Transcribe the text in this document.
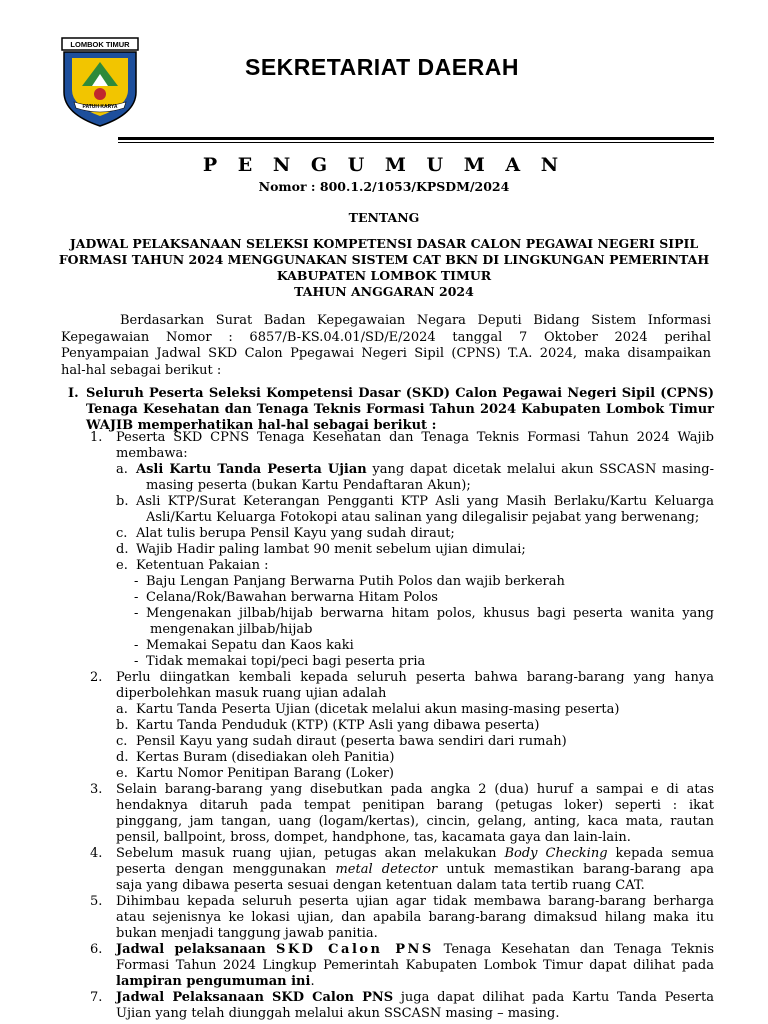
LOMBOK TIMUR
PATUH KARYA
SEKRETARIAT DAERAH
P E N G U M U M A N
Nomor : 800.1.2/1053/KPSDM/2024
TENTANG
JADWAL PELAKSANAAN SELEKSI KOMPETENSI DASAR CALON PEGAWAI NEGERI SIPIL
FORMASI TAHUN 2024 MENGGUNAKAN SISTEM CAT BKN DI LINGKUNGAN PEMERINTAH
KABUPATEN LOMBOK TIMUR
TAHUN ANGGARAN 2024
Berdasarkan Surat Badan Kepegawaian Negara Deputi Bidang Sistem Informasi
Kepegawaian Nomor : 6857/B-KS.04.01/SD/E/2024 tanggal 7 Oktober 2024 perihal
Penyampaian Jadwal SKD Calon Ppegawai Negeri Sipil (CPNS) T.A. 2024, maka disampaikan
hal-hal sebagai berikut :
I. Seluruh Peserta Seleksi Kompetensi Dasar (SKD) Calon Pegawai Negeri Sipil (CPNS)
Tenaga Kesehatan dan Tenaga Teknis Formasi Tahun 2024 Kabupaten Lombok Timur
WAJIB memperhatikan hal-hal sebagai berikut :
1. Peserta SKD CPNS Tenaga Kesehatan dan Tenaga Teknis Formasi Tahun 2024 Wajib
membawa:
a. Asli Kartu Tanda Peserta Ujian yang dapat dicetak melalui akun SSCASN masing-
masing peserta (bukan Kartu Pendaftaran Akun);
b. Asli KTP/Surat Keterangan Pengganti KTP Asli yang Masih Berlaku/Kartu Keluarga
Asli/Kartu Keluarga Fotokopi atau salinan yang dilegalisir pejabat yang berwenang;
c. Alat tulis berupa Pensil Kayu yang sudah diraut;
d. Wajib Hadir paling lambat 90 menit sebelum ujian dimulai;
e. Ketentuan Pakaian :
- Baju Lengan Panjang Berwarna Putih Polos dan wajib berkerah
- Celana/Rok/Bawahan berwarna Hitam Polos
- Mengenakan jilbab/hijab berwarna hitam polos, khusus bagi peserta wanita yang
mengenakan jilbab/hijab
- Memakai Sepatu dan Kaos kaki
- Tidak memakai topi/peci bagi peserta pria
2. Perlu diingatkan kembali kepada seluruh peserta bahwa barang-barang yang hanya
diperbolehkan masuk ruang ujian adalah
a. Kartu Tanda Peserta Ujian (dicetak melalui akun masing-masing peserta)
b. Kartu Tanda Penduduk (KTP) (KTP Asli yang dibawa peserta)
c. Pensil Kayu yang sudah diraut (peserta bawa sendiri dari rumah)
d. Kertas Buram (disediakan oleh Panitia)
e. Kartu Nomor Penitipan Barang (Loker)
3. Selain barang-barang yang disebutkan pada angka 2 (dua) huruf a sampai e di atas
hendaknya ditaruh pada tempat penitipan barang (petugas loker) seperti : ikat
pinggang, jam tangan, uang (logam/kertas), cincin, gelang, anting, kaca mata, rautan
pensil, ballpoint, bross, dompet, handphone, tas, kacamata gaya dan lain-lain.
4. Sebelum masuk ruang ujian, petugas akan melakukan Body Checking kepada semua
peserta dengan menggunakan metal detector untuk memastikan barang-barang apa
saja yang dibawa peserta sesuai dengan ketentuan dalam tata tertib ruang CAT.
5. Dihimbau kepada seluruh peserta ujian agar tidak membawa barang-barang berharga
atau sejenisnya ke lokasi ujian, dan apabila barang-barang dimaksud hilang maka itu
bukan menjadi tanggung jawab panitia.
6. Jadwal pelaksanaan SKD Calon PNS Tenaga Kesehatan dan Tenaga Teknis
Formasi Tahun 2024 Lingkup Pemerintah Kabupaten Lombok Timur dapat dilihat pada
lampiran pengumuman ini.
7. Jadwal Pelaksanaan SKD Calon PNS juga dapat dilihat pada Kartu Tanda Peserta
Ujian yang telah diunggah melalui akun SSCASN masing – masing.
